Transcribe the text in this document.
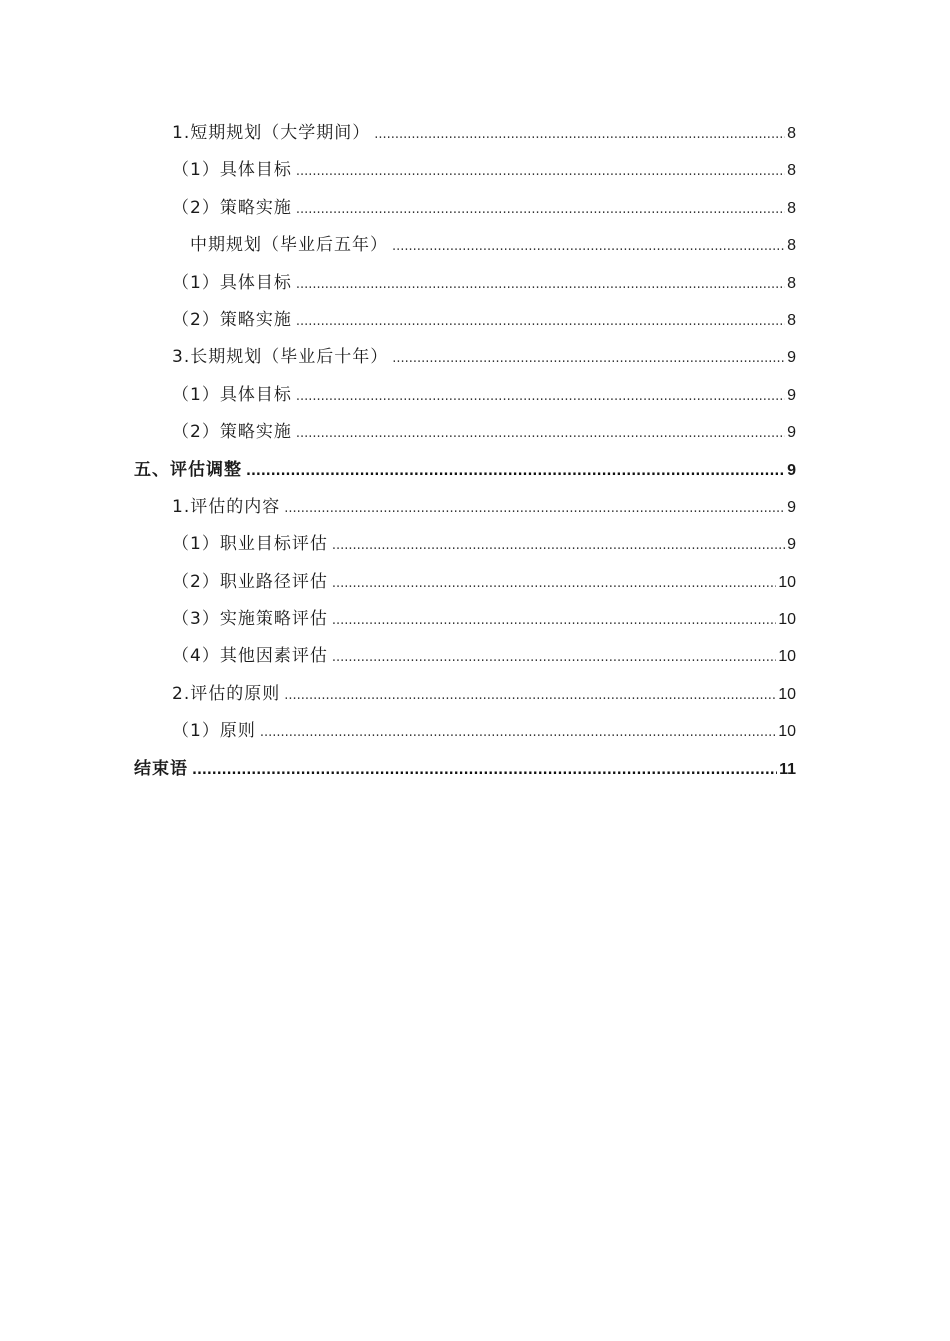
1.短期规划（大学期间） .....	8
（1）具体目标 .....	8
（2）策略实施 .....	8
中期规划（毕业后五年） .....	8
（1）具体目标 .....	8
（2）策略实施 .....	8
3.长期规划（毕业后十年） .....	9
（1）具体目标 .....	9
（2）策略实施 .....	9
五、评估调整 .....	9
1.评估的内容 .....	9
（1）职业目标评估 .....	9
（2）职业路径评估 .....	10
（3）实施策略评估 .....	10
（4）其他因素评估 .....	10
2.评估的原则 .....	10
（1）原则 .....	10
结束语 .....	11
